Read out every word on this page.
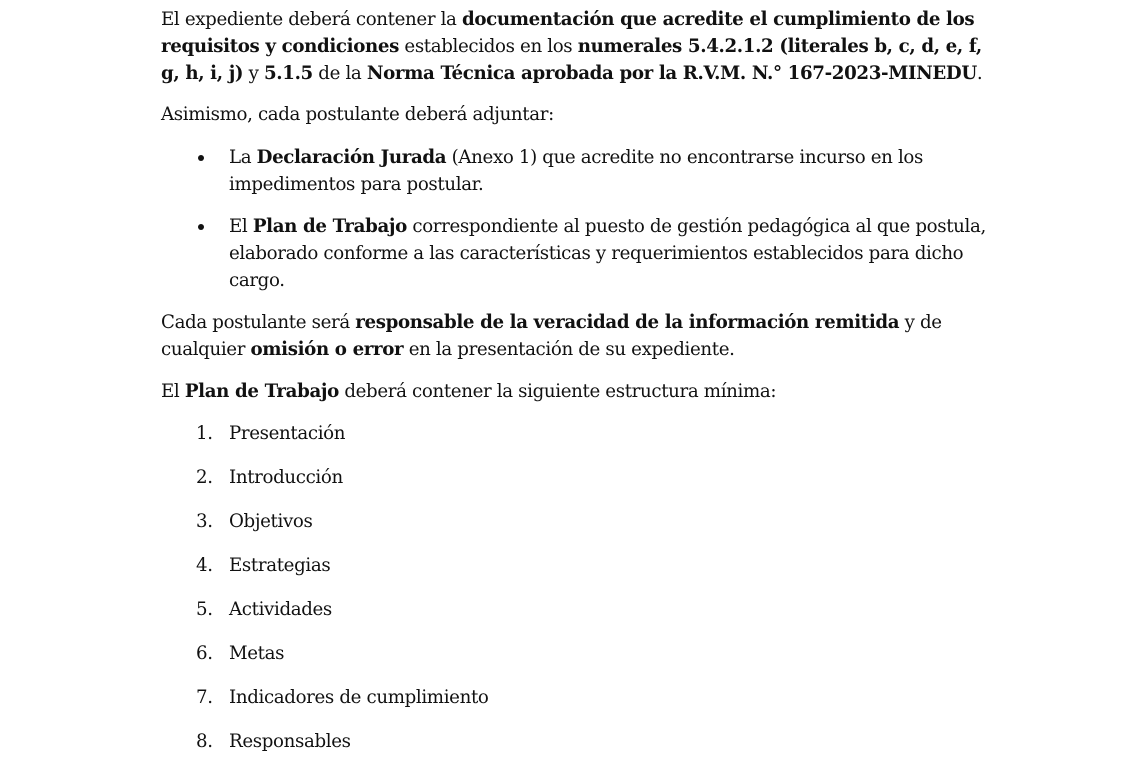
El expediente deberá contener la documentación que acredite el cumplimiento de los requisitos y condiciones establecidos en los numerales 5.4.2.1.2 (literales b, c, d, e, f, g, h, i, j) y 5.1.5 de la Norma Técnica aprobada por la R.V.M. N.° 167-2023-MINEDU.

Asimismo, cada postulante deberá adjuntar:

La Declaración Jurada (Anexo 1) que acredite no encontrarse incurso en los impedimentos para postular.
El Plan de Trabajo correspondiente al puesto de gestión pedagógica al que postula, elaborado conforme a las características y requerimientos establecidos para dicho cargo.

Cada postulante será responsable de la veracidad de la información remitida y de cualquier omisión o error en la presentación de su expediente.

El Plan de Trabajo deberá contener la siguiente estructura mínima:

1. Presentación
2. Introducción
3. Objetivos
4. Estrategias
5. Actividades
6. Metas
7. Indicadores de cumplimiento
8. Responsables
